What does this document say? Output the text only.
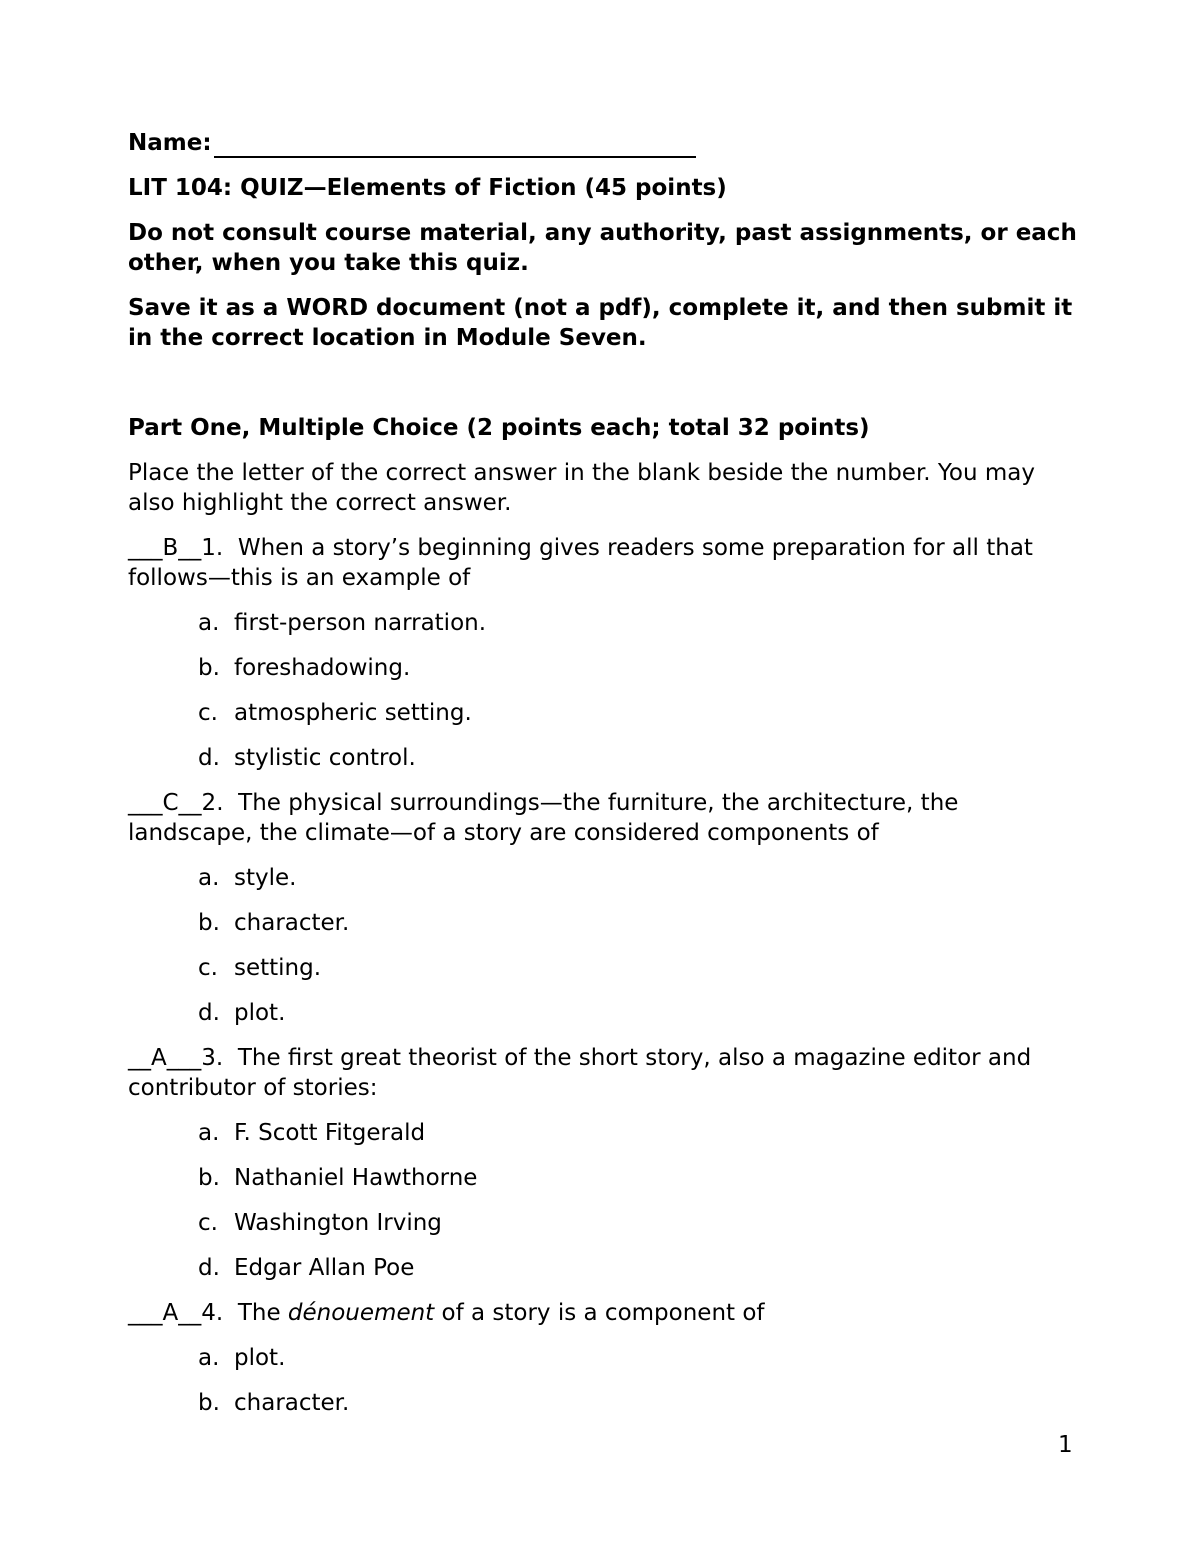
Name:

LIT 104: QUIZ—Elements of Fiction (45 points)

Do not consult course material, any authority, past assignments, or each other, when you take this quiz.

Save it as a WORD document (not a pdf), complete it, and then submit it in the correct location in Module Seven.

Part One, Multiple Choice (2 points each; total 32 points)

Place the letter of the correct answer in the blank beside the number. You may also highlight the correct answer.

___B__1. When a story’s beginning gives readers some preparation for all that follows—this is an example of

a. first-person narration.
b. foreshadowing.
c. atmospheric setting.
d. stylistic control.

___C__2. The physical surroundings—the furniture, the architecture, the landscape, the climate—of a story are considered components of

a. style.
b. character.
c. setting.
d. plot.

__A___3. The first great theorist of the short story, also a magazine editor and contributor of stories:

a. F. Scott Fitgerald
b. Nathaniel Hawthorne
c. Washington Irving
d. Edgar Allan Poe

___A__4. The dénouement of a story is a component of

a. plot.
b. character.
1
